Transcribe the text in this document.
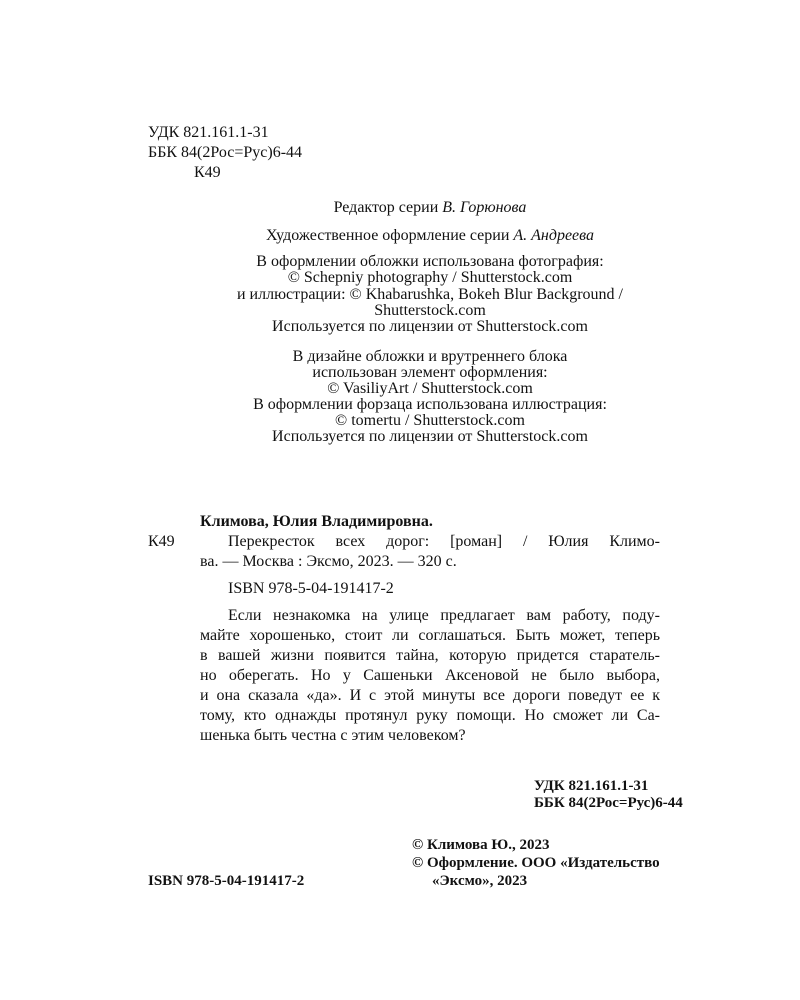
УДК 821.161.1-31
ББК 84(2Рос=Рус)6-44
К49
Редактор серии В. Горюнова
Художественное оформление серии А. Андреева
В оформлении обложки использована фотография:
© Schepniy photography / Shutterstock.com
и иллюстрации: © Khabarushka, Bokeh Blur Background /
Shutterstock.com
Используется по лицензии от Shutterstock.com
В дизайне обложки и врутреннего блока
использован элемент оформления:
© VasiliyArt / Shutterstock.com
В оформлении форзаца использована иллюстрация:
© tomertu / Shutterstock.com
Используется по лицензии от Shutterstock.com
Климова, Юлия Владимировна.
К49	Перекресток всех дорог: [роман] / Юлия Климо-
ва. — Москва : Эксмо, 2023. — 320 с.
ISBN 978-5-04-191417-2
Если незнакомка на улице предлагает вам работу, поду-
майте хорошенько, стоит ли соглашаться. Быть может, теперь
в вашей жизни появится тайна, которую придется старатель-
но оберегать. Но у Сашеньки Аксеновой не было выбора,
и она сказала «да». И с этой минуты все дороги поведут ее к
тому, кто однажды протянул руку помощи. Но сможет ли Са-
шенька быть честна с этим человеком?
УДК 821.161.1-31
ББК 84(2Рос=Рус)6-44
© Климова Ю., 2023
© Оформление. ООО «Издательство
«Эксмо», 2023
ISBN 978-5-04-191417-2
